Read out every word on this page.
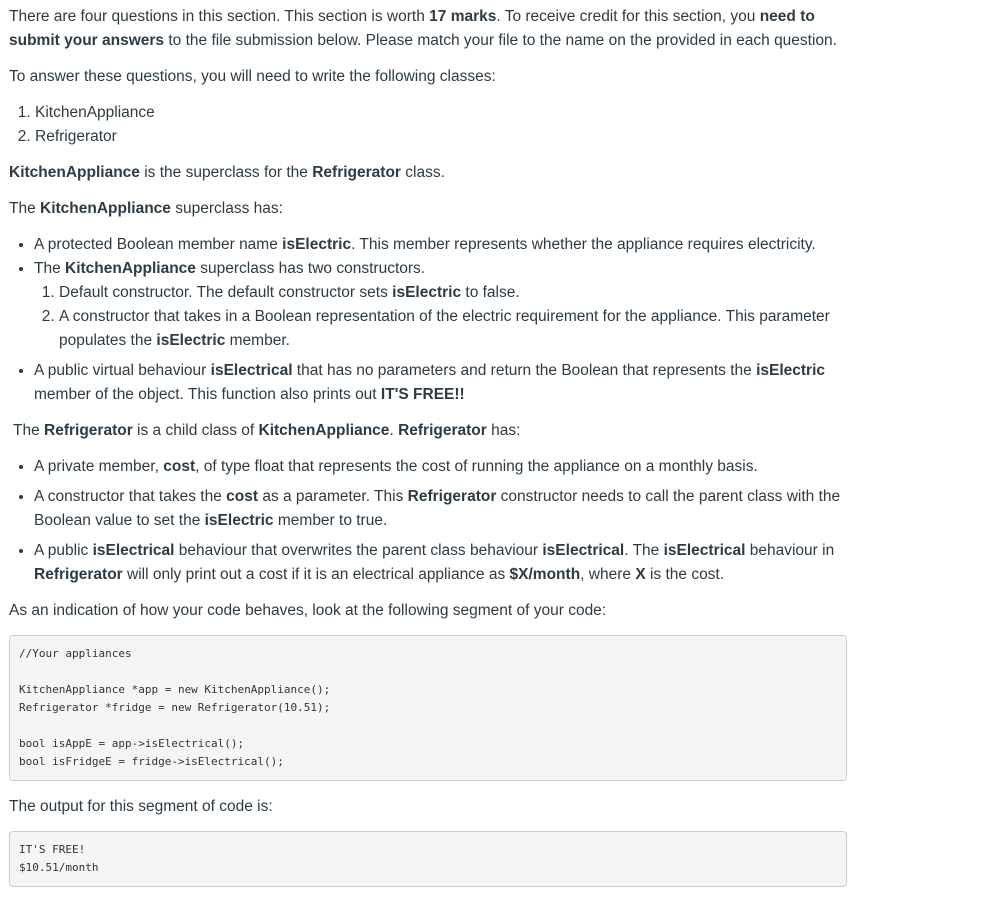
There are four questions in this section. This section is worth 17 marks. To receive credit for this section, you need to submit your answers to the file submission below. Please match your file to the name on the provided in each question.

To answer these questions, you will need to write the following classes:

1. KitchenAppliance
2. Refrigerator

KitchenAppliance is the superclass for the Refrigerator class.

The KitchenAppliance superclass has:

• A protected Boolean member name isElectric. This member represents whether the appliance requires electricity.
• The KitchenAppliance superclass has two constructors.
1. Default constructor. The default constructor sets isElectric to false.
2. A constructor that takes in a Boolean representation of the electric requirement for the appliance. This parameter populates the isElectric member.
• A public virtual behaviour isElectrical that has no parameters and return the Boolean that represents the isElectric member of the object. This function also prints out IT'S FREE!!

The Refrigerator is a child class of KitchenAppliance. Refrigerator has:

• A private member, cost, of type float that represents the cost of running the appliance on a monthly basis.
• A constructor that takes the cost as a parameter. This Refrigerator constructor needs to call the parent class with the Boolean value to set the isElectric member to true.
• A public isElectrical behaviour that overwrites the parent class behaviour isElectrical. The isElectrical behaviour in Refrigerator will only print out a cost if it is an electrical appliance as $X/month, where X is the cost.

As an indication of how your code behaves, look at the following segment of your code:

//Your appliances

KitchenAppliance *app = new KitchenAppliance();
Refrigerator *fridge = new Refrigerator(10.51);

bool isAppE = app->isElectrical();
bool isFridgeE = fridge->isElectrical();

The output for this segment of code is:

IT'S FREE!
$10.51/month
